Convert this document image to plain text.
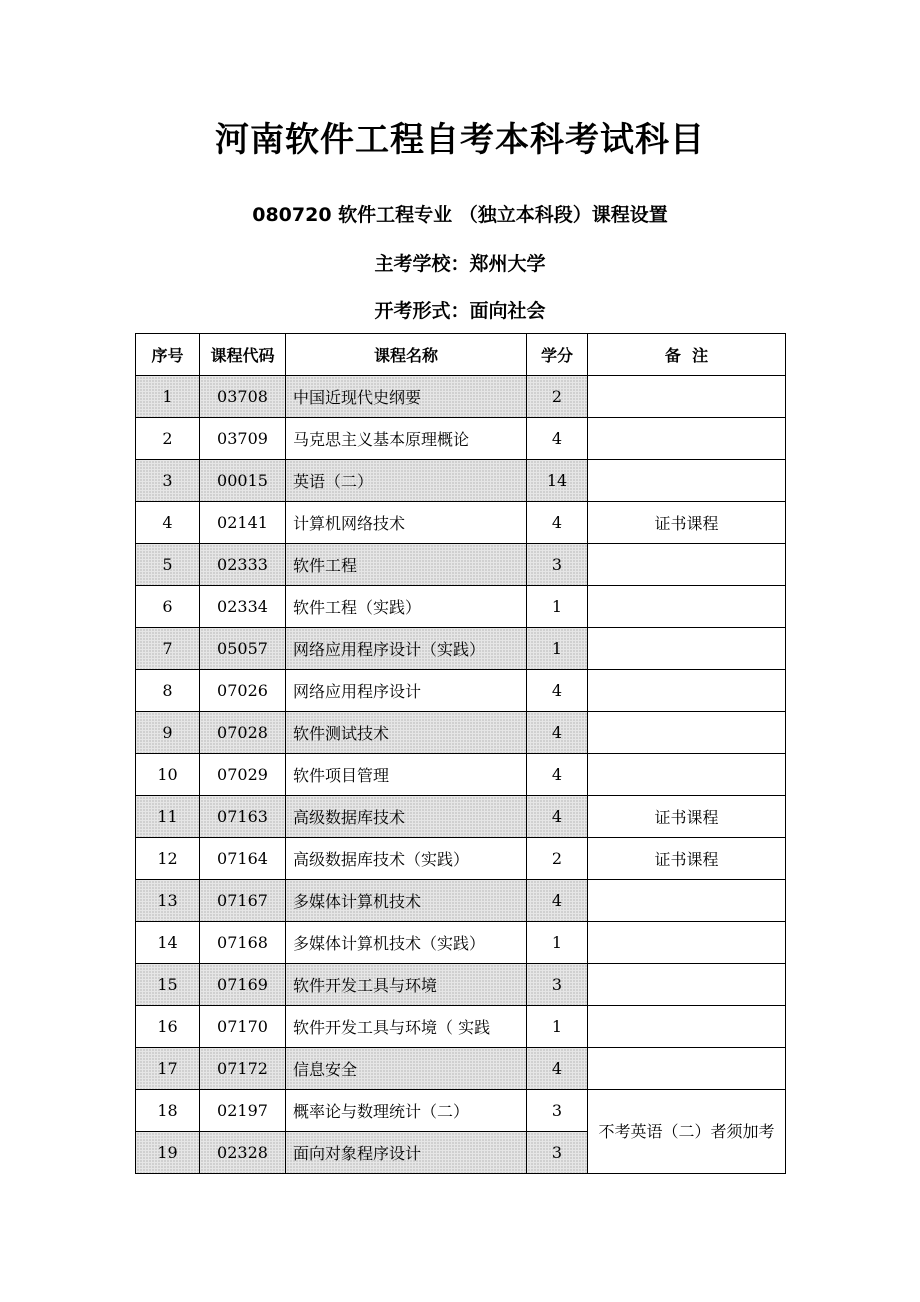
河南软件工程自考本科考试科目
080720 软件工程专业 （独立本科段）课程设置
主考学校：郑州大学
开考形式：面向社会
序号	课程代码	课程名称	学分	备  注
1	03708	中国近现代史纲要	2	
2	03709	马克思主义基本原理概论	4	
3	00015	英语（二）	14	
4	02141	计算机网络技术	4	证书课程
5	02333	软件工程	3	
6	02334	软件工程（实践）	1	
7	05057	网络应用程序设计（实践）	1	
8	07026	网络应用程序设计	4	
9	07028	软件测试技术	4	
10	07029	软件项目管理	4	
11	07163	高级数据库技术	4	证书课程
12	07164	高级数据库技术（实践）	2	证书课程
13	07167	多媒体计算机技术	4	
14	07168	多媒体计算机技术（实践）	1	
15	07169	软件开发工具与环境	3	
16	07170	软件开发工具与环境（ 实践	1	
17	07172	信息安全	4	
18	02197	概率论与数理统计（二）	3	不考英语（二）者须加考
19	02328	面向对象程序设计	3	
